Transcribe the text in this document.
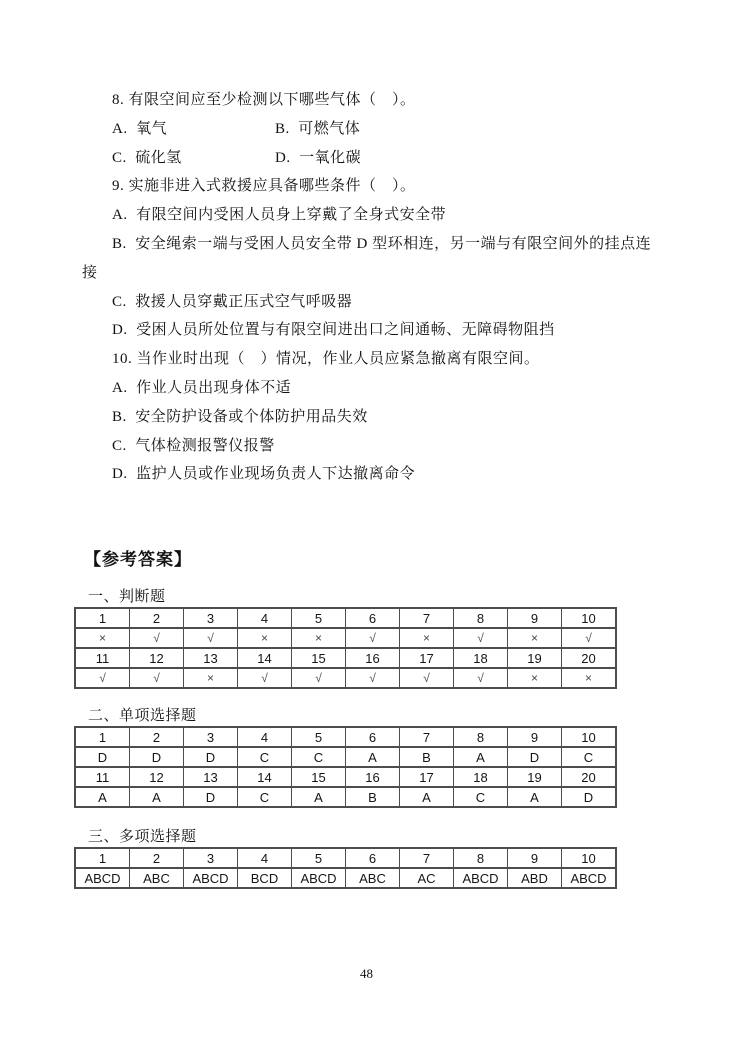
8. 有限空间应至少检测以下哪些气体（　）。

A.  氧气	B.  可燃气体

C.  硫化氢	D.  一氧化碳

9. 实施非进入式救援应具备哪些条件（　）。

A.  有限空间内受困人员身上穿戴了全身式安全带

B.  安全绳索一端与受困人员安全带 D 型环相连，另一端与有限空间外的挂点连接

C.  救援人员穿戴正压式空气呼吸器

D.  受困人员所处位置与有限空间进出口之间通畅、无障碍物阻挡

10. 当作业时出现（　）情况，作业人员应紧急撤离有限空间。

A.  作业人员出现身体不适

B.  安全防护设备或个体防护用品失效

C.  气体检测报警仪报警

D.  监护人员或作业现场负责人下达撤离命令

【参考答案】

一、判断题

1	2	3	4	5	6	7	8	9	10
×	√	√	×	×	√	×	√	×	√
11	12	13	14	15	16	17	18	19	20
√	√	×	√	√	√	√	√	×	×

二、单项选择题

1	2	3	4	5	6	7	8	9	10
D	D	D	C	C	A	B	A	D	C
11	12	13	14	15	16	17	18	19	20
A	A	D	C	A	B	A	C	A	D

三、多项选择题

1	2	3	4	5	6	7	8	9	10
ABCD	ABC	ABCD	BCD	ABCD	ABC	AC	ABCD	ABD	ABCD
48
